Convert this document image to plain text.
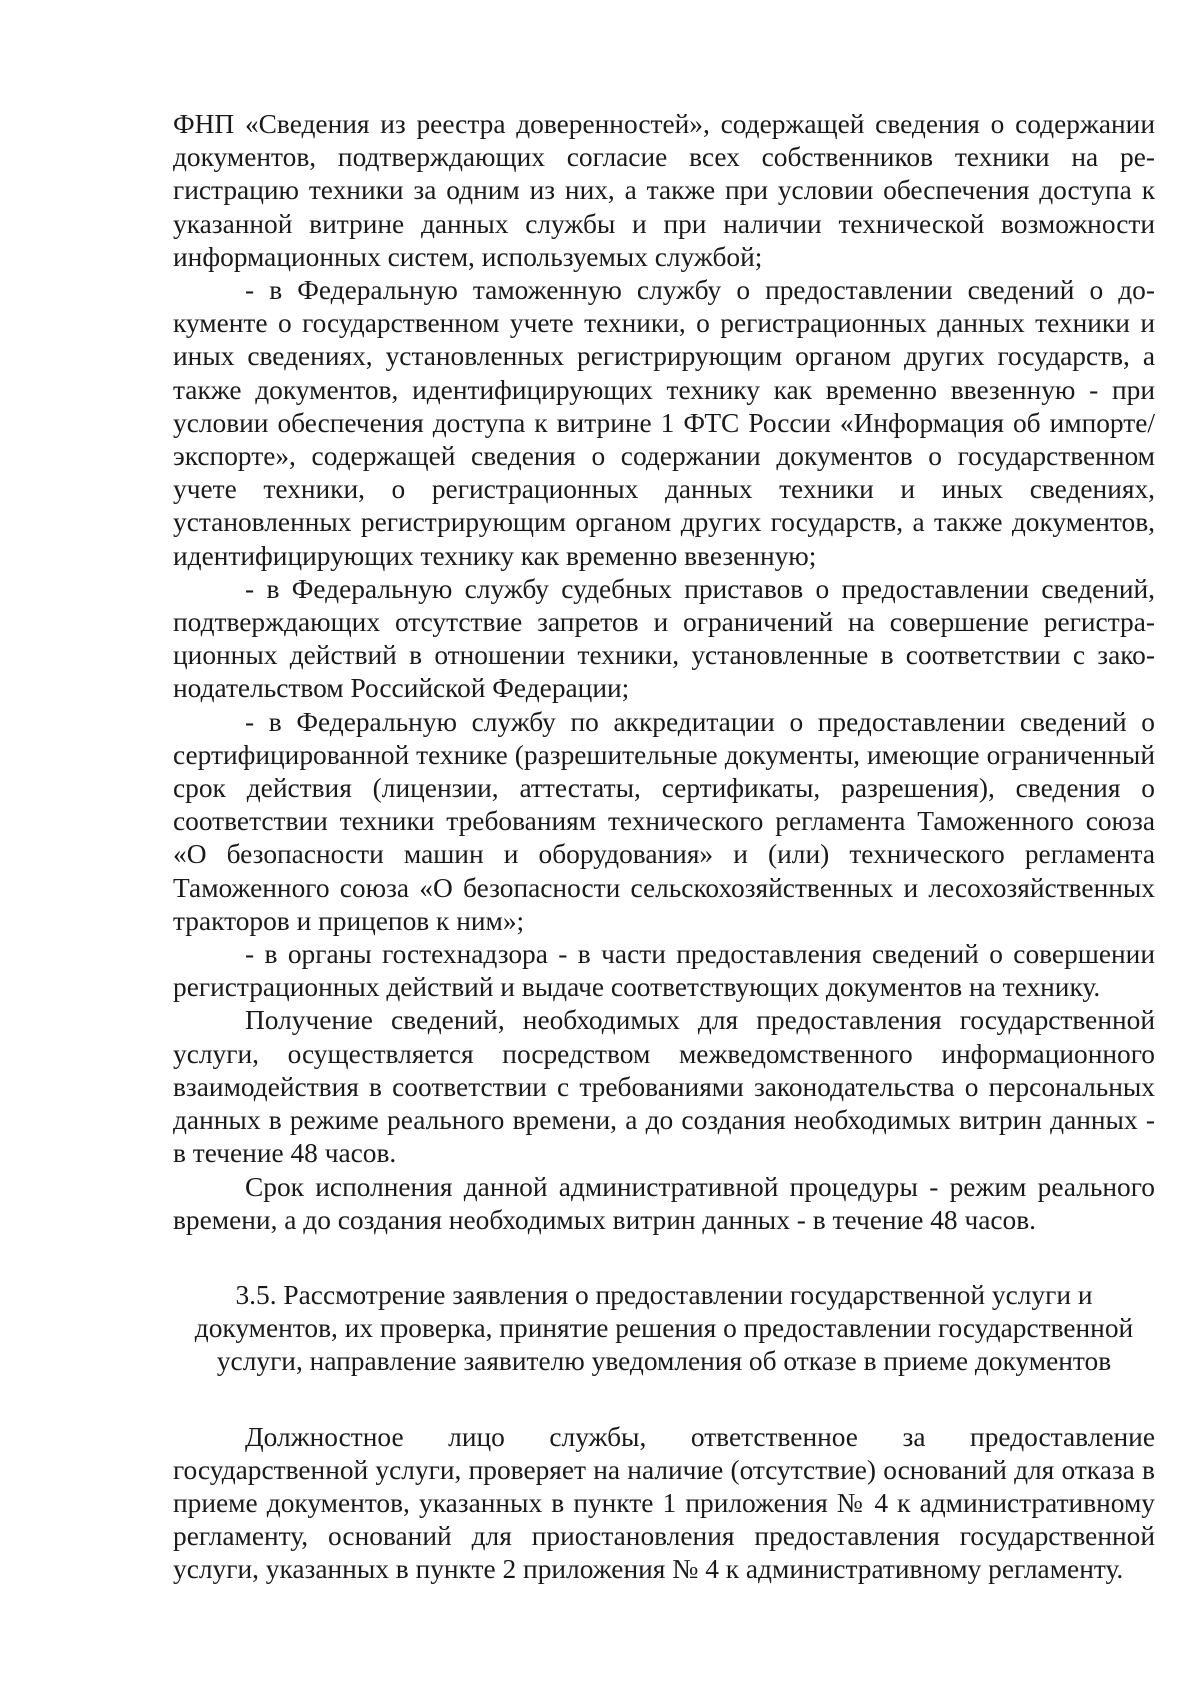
ФНП «Сведения из реестра доверенностей», содержащей сведения о содержании документов, подтверждающих согласие всех собственников техники на регистрацию техники за одним из них, а также при условии обеспечения доступа к указанной витрине данных службы и при наличии технической возможности информационных систем, используемых службой;

- в Федеральную таможенную службу о предоставлении сведений о документе о государственном учете техники, о регистрационных данных техники и иных сведениях, установленных регистрирующим органом других государств, а также документов, идентифицирующих технику как временно ввезенную - при условии обеспечения доступа к витрине 1 ФТС России «Информация об импорте/экспорте», содержащей сведения о содержании документов о государственном учете техники, о регистрационных данных техники и иных сведениях, установленных регистрирующим органом других государств, а также документов, идентифицирующих технику как временно ввезенную;

- в Федеральную службу судебных приставов о предоставлении сведений, подтверждающих отсутствие запретов и ограничений на совершение регистрационных действий в отношении техники, установленные в соответствии с законодательством Российской Федерации;

- в Федеральную службу по аккредитации о предоставлении сведений о сертифицированной технике (разрешительные документы, имеющие ограниченный срок действия (лицензии, аттестаты, сертификаты, разрешения), сведения о соответствии техники требованиям технического регламента Таможенного союза «О безопасности машин и оборудования» и (или) технического регламента Таможенного союза «О безопасности сельскохозяйственных и лесохозяйственных тракторов и прицепов к ним»;

- в органы гостехнадзора - в части предоставления сведений о совершении регистрационных действий и выдаче соответствующих документов на технику.

Получение сведений, необходимых для предоставления государственной услуги, осуществляется посредством межведомственного информационного взаимодействия в соответствии с требованиями законодательства о персональных данных в режиме реального времени, а до создания необходимых витрин данных - в течение 48 часов.

Срок исполнения данной административной процедуры - режим реального времени, а до создания необходимых витрин данных - в течение 48 часов.

3.5. Рассмотрение заявления о предоставлении государственной услуги и документов, их проверка, принятие решения о предоставлении государственной услуги, направление заявителю уведомления об отказе в приеме документов

Должностное лицо службы, ответственное за предоставление государственной услуги, проверяет на наличие (отсутствие) оснований для отказа в приеме документов, указанных в пункте 1 приложения № 4 к административному регламенту, оснований для приостановления предоставления государственной услуги, указанных в пункте 2 приложения № 4 к административному регламенту.
